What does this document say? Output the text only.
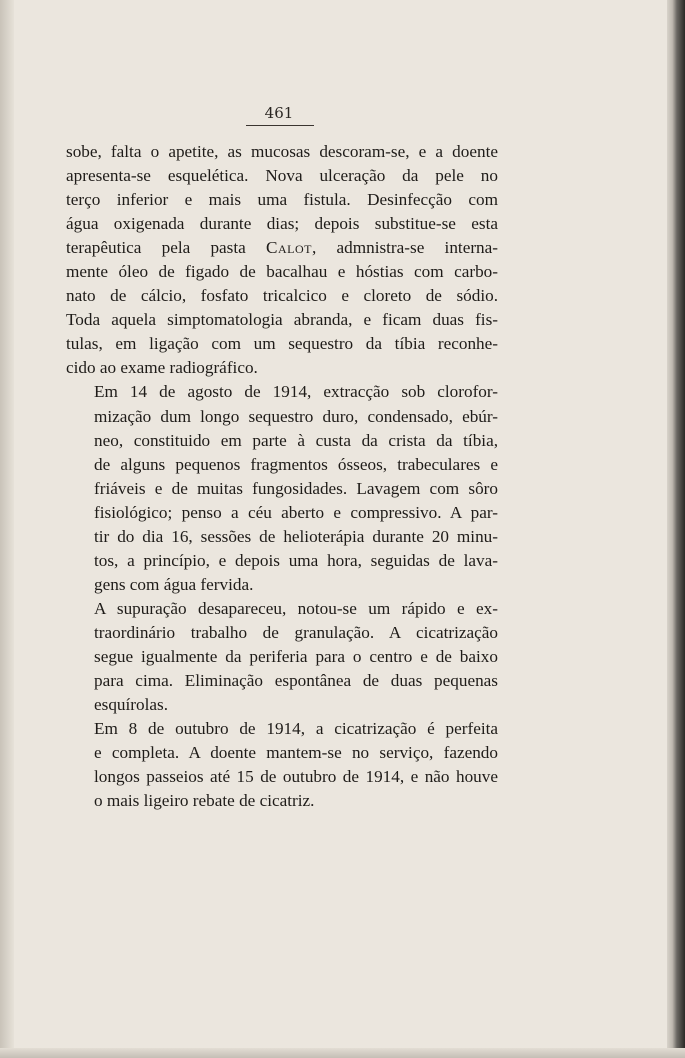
461

sobe, falta o apetite, as mucosas descoram-se, e a doente
apresenta-se esquelética. Nova ulceração da pele no
terço inferior e mais uma fistula. Desinfecção com
água oxigenada durante dias; depois substitue-se esta
terapêutica pela pasta Calot, admnistra-se interna-
mente óleo de figado de bacalhau e hóstias com carbo-
nato de cálcio, fosfato tricalcico e cloreto de sódio.
Toda aquela simptomatologia abranda, e ficam duas fis-
tulas, em ligação com um sequestro da tíbia reconhe-
cido ao exame radiográfico.

Em 14 de agosto de 1914, extracção sob clorofor-
mização dum longo sequestro duro, condensado, ebúr-
neo, constituido em parte à custa da crista da tíbia,
de alguns pequenos fragmentos ósseos, trabeculares e
friáveis e de muitas fungosidades. Lavagem com sôro
fisiológico; penso a céu aberto e compressivo. A par-
tir do dia 16, sessões de helioterápia durante 20 minu-
tos, a princípio, e depois uma hora, seguidas de lava-
gens com água fervida.

A supuração desapareceu, notou-se um rápido e ex-
traordinário trabalho de granulação. A cicatrização
segue igualmente da periferia para o centro e de baixo
para cima. Eliminação espontânea de duas pequenas
esquírolas.

Em 8 de outubro de 1914, a cicatrização é perfeita
e completa. A doente mantem-se no serviço, fazendo
longos passeios até 15 de outubro de 1914, e não houve
o mais ligeiro rebate de cicatriz.
